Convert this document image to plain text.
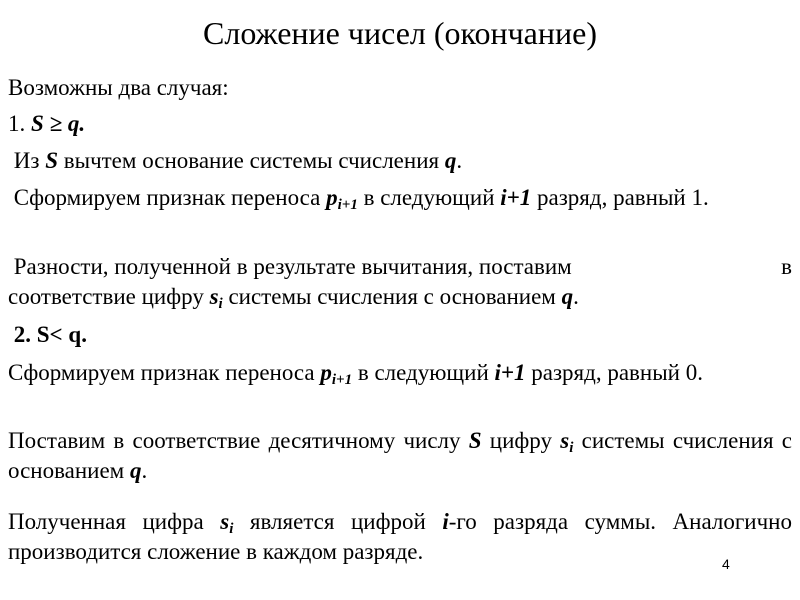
Сложение чисел (окончание)
Возможны два случая:
1. S ≥ q.
Из S вычтем основание системы счисления q.
Сформируем признак переноса $p_{i+1}$ в следующий i+1 разряд, равный 1.
Разности, полученной в результате вычитания, поставим	в
соответствие цифру $s_i$ системы счисления с основанием q.
2. S< q.
Сформируем признак переноса $p_{i+1}$ в следующий i+1 разряд, равный 0.
Поставим в соответствие десятичному числу S цифру $s_i$ системы счисления с основанием q.
Полученная цифра $s_i$ является цифрой i-го разряда суммы. Аналогично производится сложение в каждом разряде.	4
